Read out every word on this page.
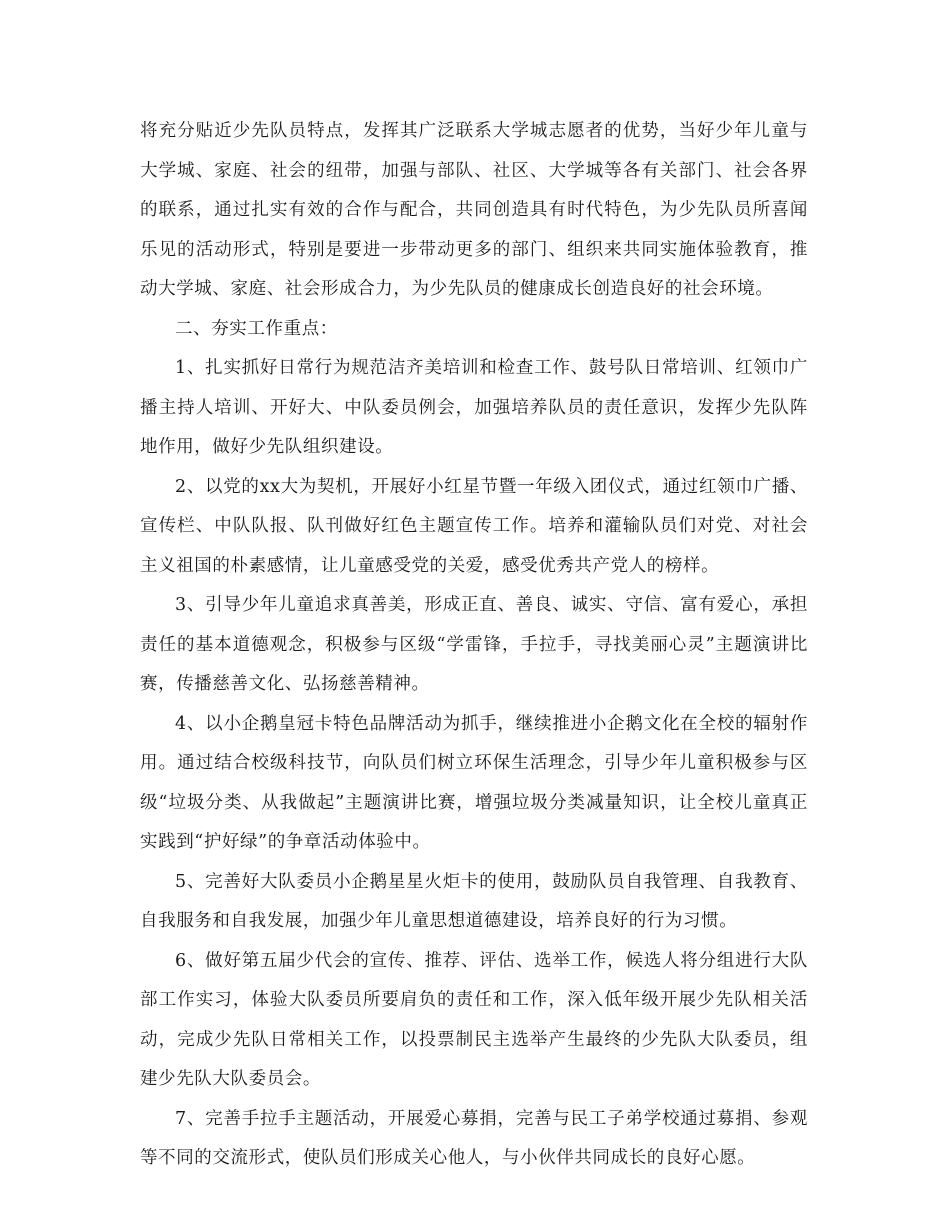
将充分贴近少先队员特点，发挥其广泛联系大学城志愿者的优势，当好少年儿童与大学城、家庭、社会的纽带，加强与部队、社区、大学城等各有关部门、社会各界的联系，通过扎实有效的合作与配合，共同创造具有时代特色，为少先队员所喜闻乐见的活动形式，特别是要进一步带动更多的部门、组织来共同实施体验教育，推动大学城、家庭、社会形成合力，为少先队员的健康成长创造良好的社会环境。

二、夯实工作重点：

1、扎实抓好日常行为规范洁齐美培训和检查工作、鼓号队日常培训、红领巾广播主持人培训、开好大、中队委员例会，加强培养队员的责任意识，发挥少先队阵地作用，做好少先队组织建设。

2、以党的xx大为契机，开展好小红星节暨一年级入团仪式，通过红领巾广播、宣传栏、中队队报、队刊做好红色主题宣传工作。培养和灌输队员们对党、对社会主义祖国的朴素感情，让儿童感受党的关爱，感受优秀共产党人的榜样。

3、引导少年儿童追求真善美，形成正直、善良、诚实、守信、富有爱心，承担责任的基本道德观念，积极参与区级“学雷锋，手拉手，寻找美丽心灵”主题演讲比赛，传播慈善文化、弘扬慈善精神。

4、以小企鹅皇冠卡特色品牌活动为抓手，继续推进小企鹅文化在全校的辐射作用。通过结合校级科技节，向队员们树立环保生活理念，引导少年儿童积极参与区级“垃圾分类、从我做起”主题演讲比赛，增强垃圾分类减量知识，让全校儿童真正实践到“护好绿”的争章活动体验中。

5、完善好大队委员小企鹅星星火炬卡的使用，鼓励队员自我管理、自我教育、自我服务和自我发展，加强少年儿童思想道德建设，培养良好的行为习惯。

6、做好第五届少代会的宣传、推荐、评估、选举工作，候选人将分组进行大队部工作实习，体验大队委员所要肩负的责任和工作，深入低年级开展少先队相关活动，完成少先队日常相关工作，以投票制民主选举产生最终的少先队大队委员，组建少先队大队委员会。

7、完善手拉手主题活动，开展爱心募捐，完善与民工子弟学校通过募捐、参观等不同的交流形式，使队员们形成关心他人，与小伙伴共同成长的良好心愿。
